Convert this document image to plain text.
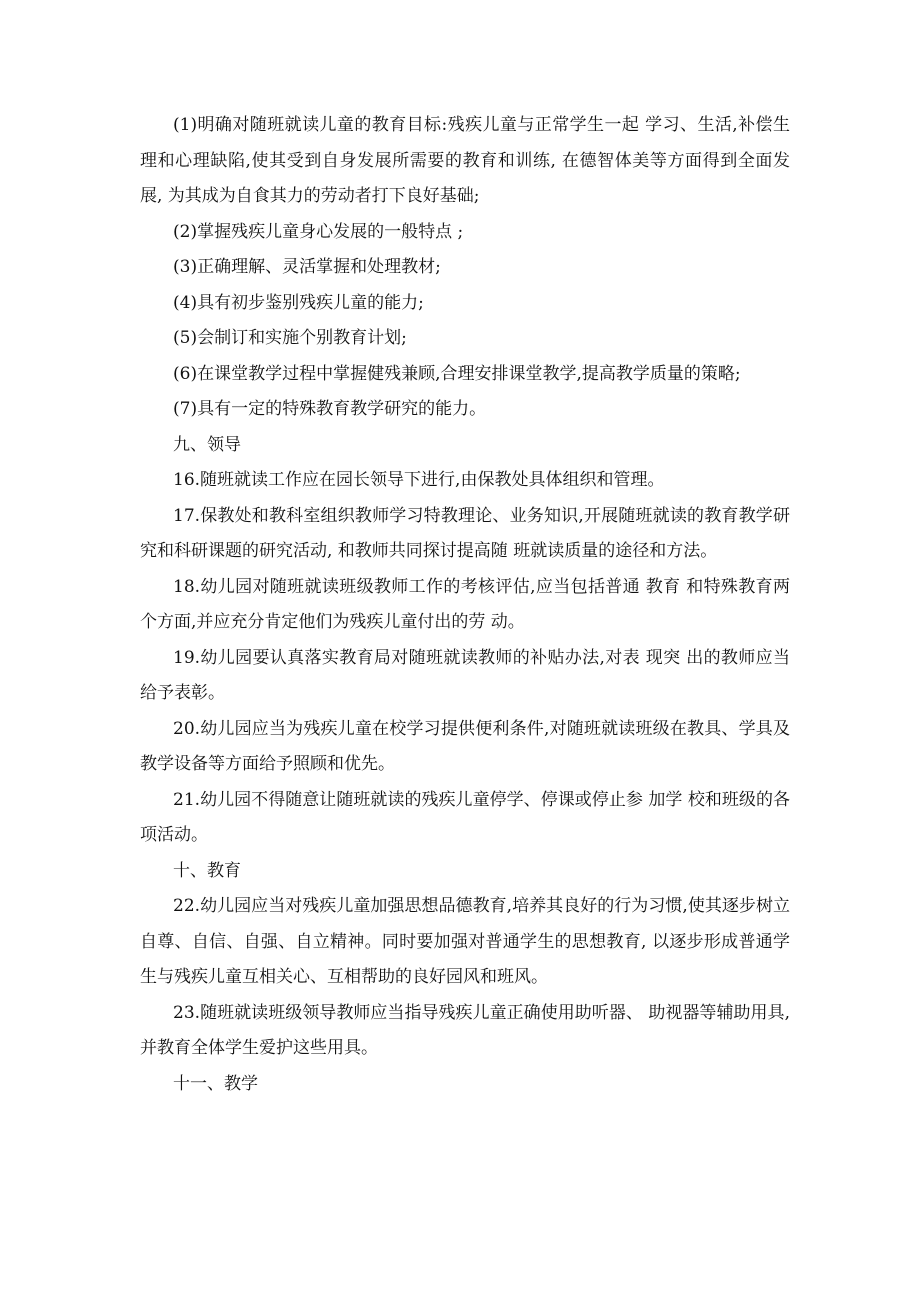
(1)明确对随班就读儿童的教育目标:残疾儿童与正常学生一起 学习、生活,补偿生理和心理缺陷,使其受到自身发展所需要的教育和训练, 在德智体美等方面得到全面发展, 为其成为自食其力的劳动者打下良好基础;

(2)掌握残疾儿童身心发展的一般特点 ;

(3)正确理解、灵活掌握和处理教材;

(4)具有初步鉴别残疾儿童的能力;

(5)会制订和实施个别教育计划;

(6)在课堂教学过程中掌握健残兼顾,合理安排课堂教学,提高教学质量的策略;

(7)具有一定的特殊教育教学研究的能力。

九、领导

16.随班就读工作应在园长领导下进行,由保教处具体组织和管理。

17.保教处和教科室组织教师学习特教理论、业务知识,开展随班就读的教育教学研究和科研课题的研究活动, 和教师共同探讨提高随 班就读质量的途径和方法。

18.幼儿园对随班就读班级教师工作的考核评估,应当包括普通 教育 和特殊教育两个方面,并应充分肯定他们为残疾儿童付出的劳 动。

19.幼儿园要认真落实教育局对随班就读教师的补贴办法,对表 现突 出的教师应当给予表彰。

20.幼儿园应当为残疾儿童在校学习提供便利条件,对随班就读班级在教具、学具及教学设备等方面给予照顾和优先。

21.幼儿园不得随意让随班就读的残疾儿童停学、停课或停止参 加学 校和班级的各项活动。

十、教育

22.幼儿园应当对残疾儿童加强思想品德教育,培养其良好的行为习惯,使其逐步树立自尊、自信、自强、自立精神。同时要加强对普通学生的思想教育, 以逐步形成普通学生与残疾儿童互相关心、互相帮助的良好园风和班风。

23.随班就读班级领导教师应当指导残疾儿童正确使用助听器、 助视器等辅助用具,并教育全体学生爱护这些用具。

十一、教学
